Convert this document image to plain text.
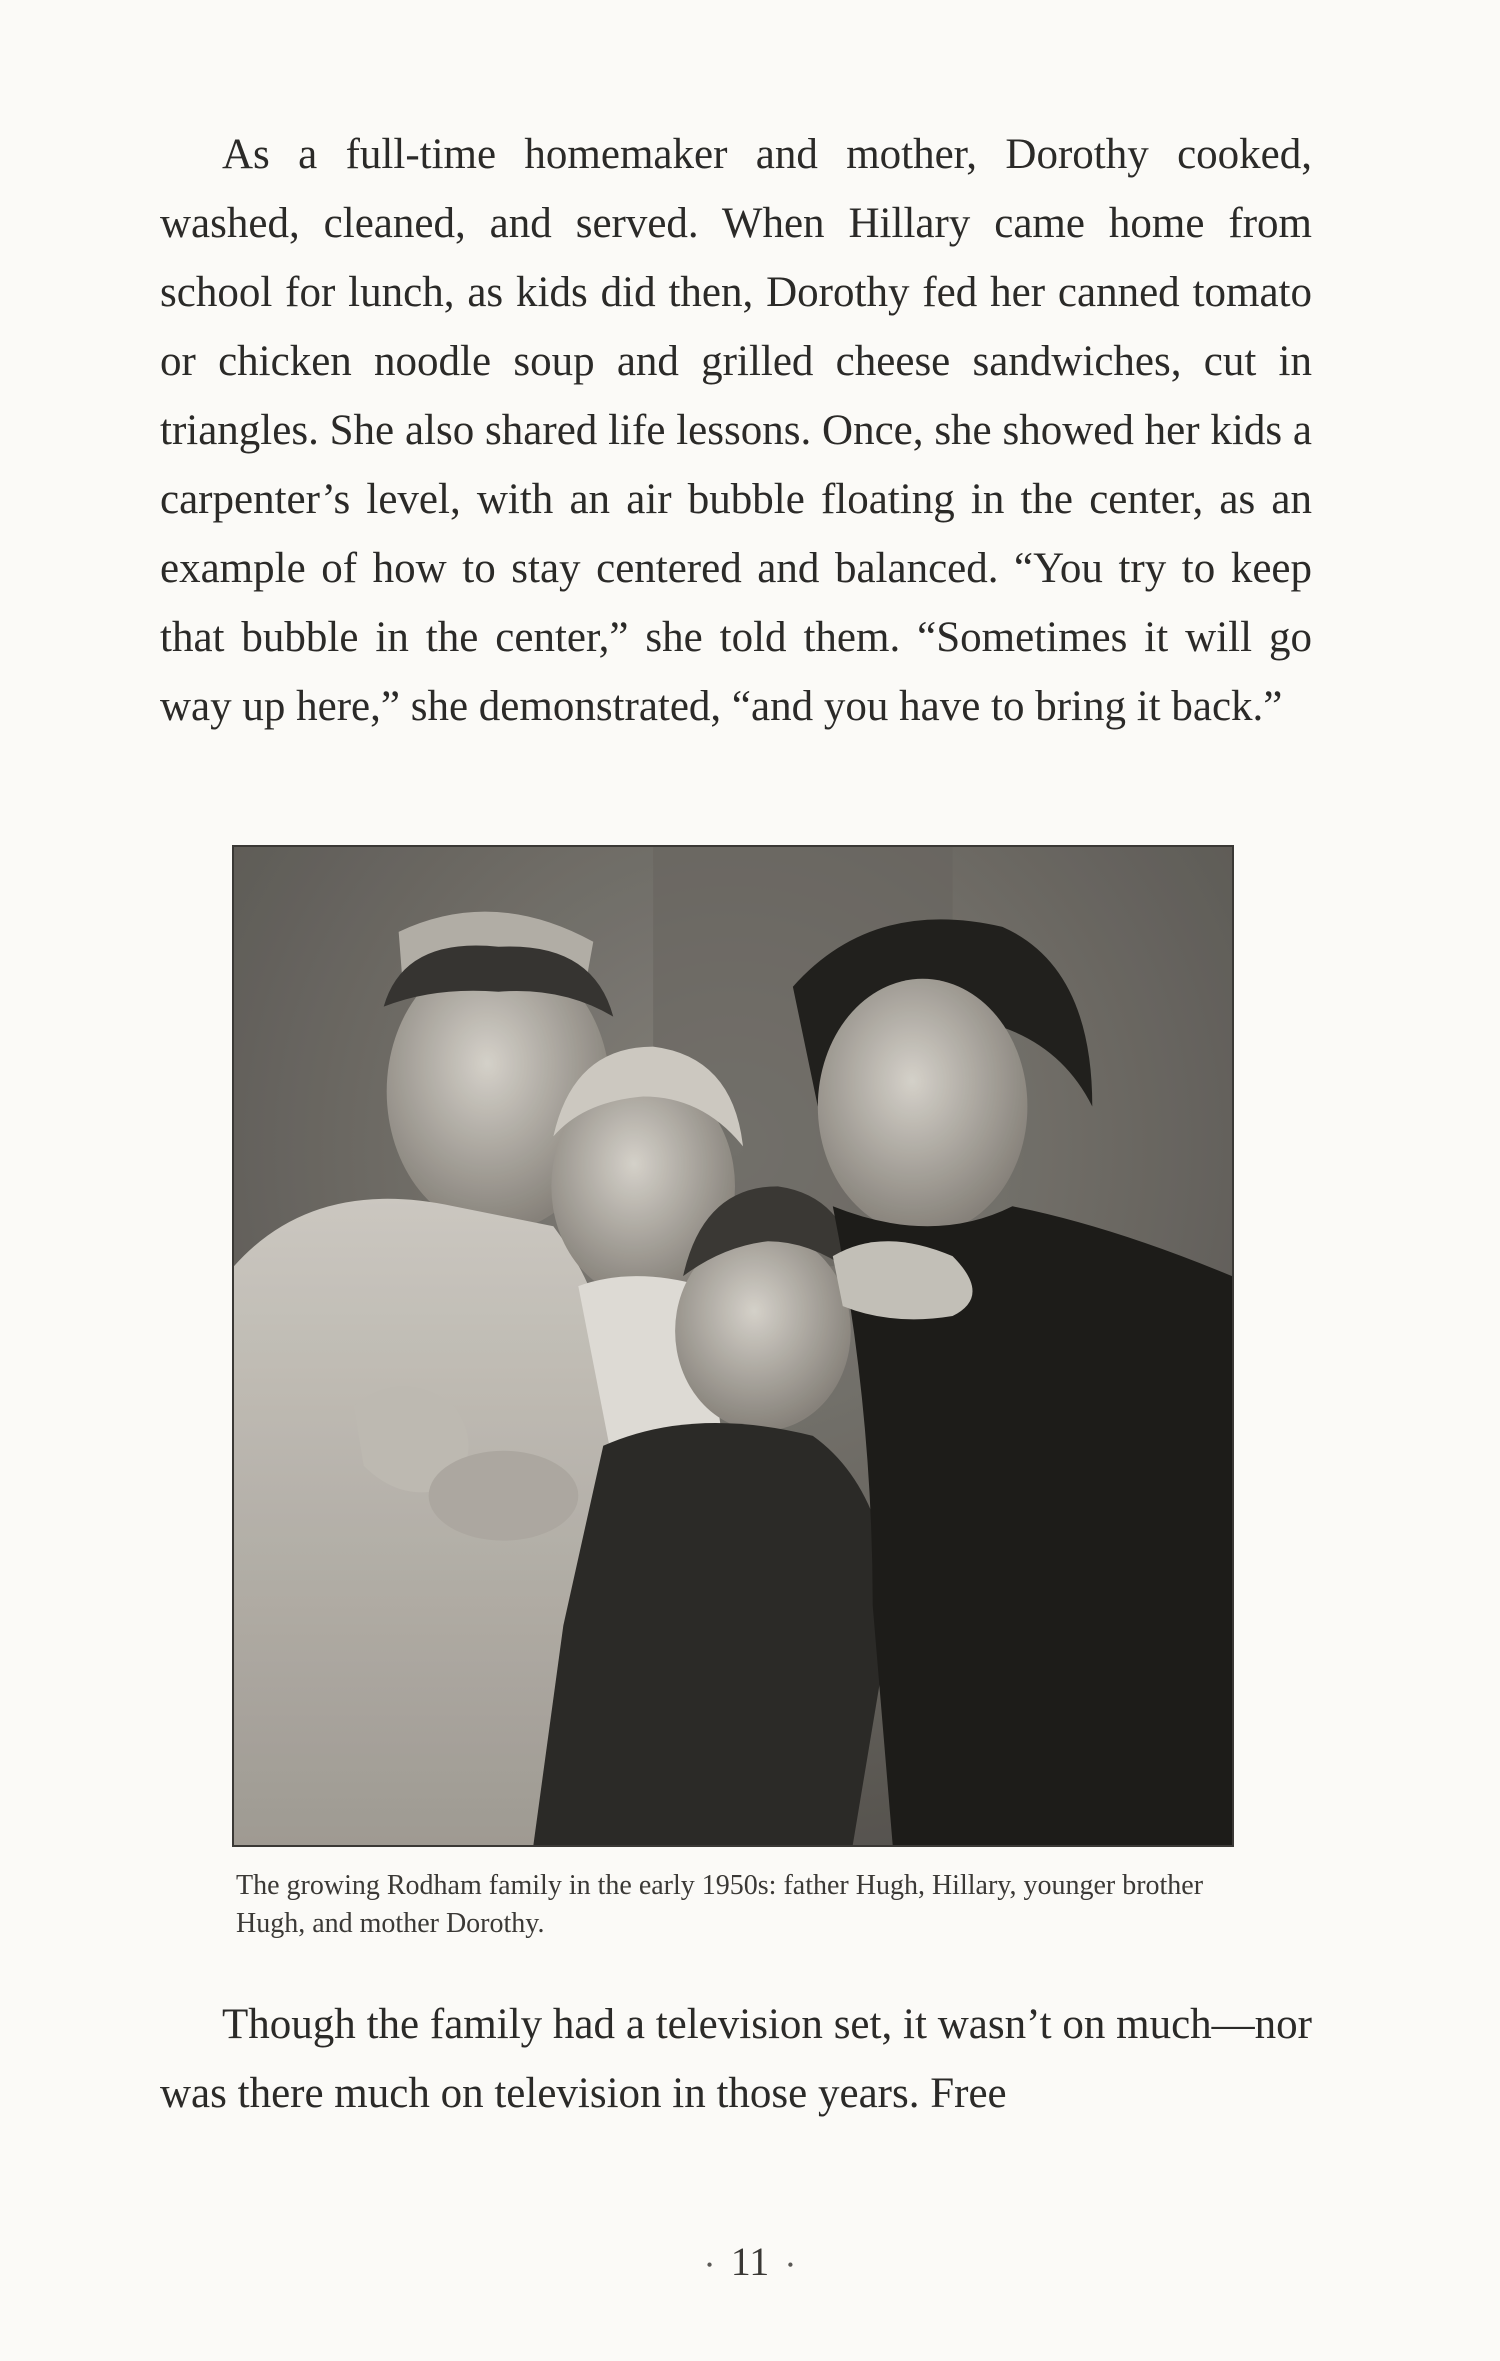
As a full-time homemaker and mother, Dorothy cooked, washed, cleaned, and served. When Hillary came home from school for lunch, as kids did then, Dorothy fed her canned tomato or chicken noodle soup and grilled cheese sandwiches, cut in triangles. She also shared life lessons. Once, she showed her kids a carpenter’s level, with an air bubble floating in the center, as an example of how to stay centered and balanced. “You try to keep that bubble in the center,” she told them. “Sometimes it will go way up here,” she demonstrated, “and you have to bring it back.”

The growing Rodham family in the early 1950s: father Hugh, Hillary, younger brother Hugh, and mother Dorothy.

Though the family had a television set, it wasn’t on much—nor was there much on television in those years. Free

• 11 •
